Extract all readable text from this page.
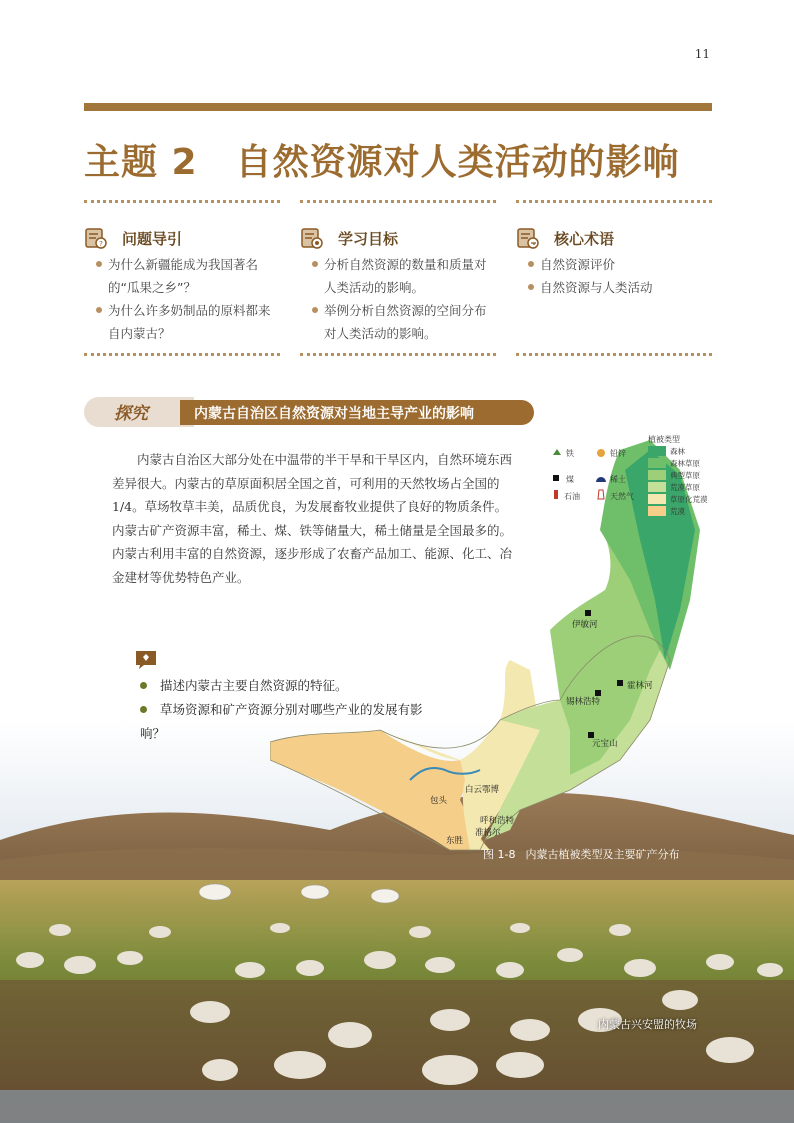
11
主题 2 自然资源对人类活动的影响
? 问题导引
为什么新疆能成为我国著名的“瓜果之乡”？
为什么许多奶制品的原料都来自内蒙古？
学习目标
分析自然资源的数量和质量对人类活动的影响。
举例分析自然资源的空间分布对人类活动的影响。
核心术语
自然资源评价
自然资源与人类活动
伊敏河
霍林河
锡林浩特
元宝山
白云鄂博
包头
呼和浩特
东胜
准格尔
铁	铅锌
煤	稀土
石油	天然气
植被类型
森林
森林草原
典型草原
荒漠草原
草原化荒漠
荒漠
探究	内蒙古自治区自然资源对当地主导产业的影响
内蒙古自治区大部分处在中温带的半干旱和干旱区内，自然环境东西差异很大。内蒙古的草原面积居全国之首，可利用的天然牧场占全国的1/4。草场牧草丰美，品质优良，为发展畜牧业提供了良好的物质条件。内蒙古矿产资源丰富，稀土、煤、铁等储量大，稀土储量是全国最多的。内蒙古利用丰富的自然资源，逐步形成了农畜产品加工、能源、化工、冶金建材等优势特色产业。
描述内蒙古主要自然资源的特征。
草场资源和矿产资源分别对哪些产业的发展有影响？
图 1-8 内蒙古植被类型及主要矿产分布
内蒙古兴安盟的牧场
